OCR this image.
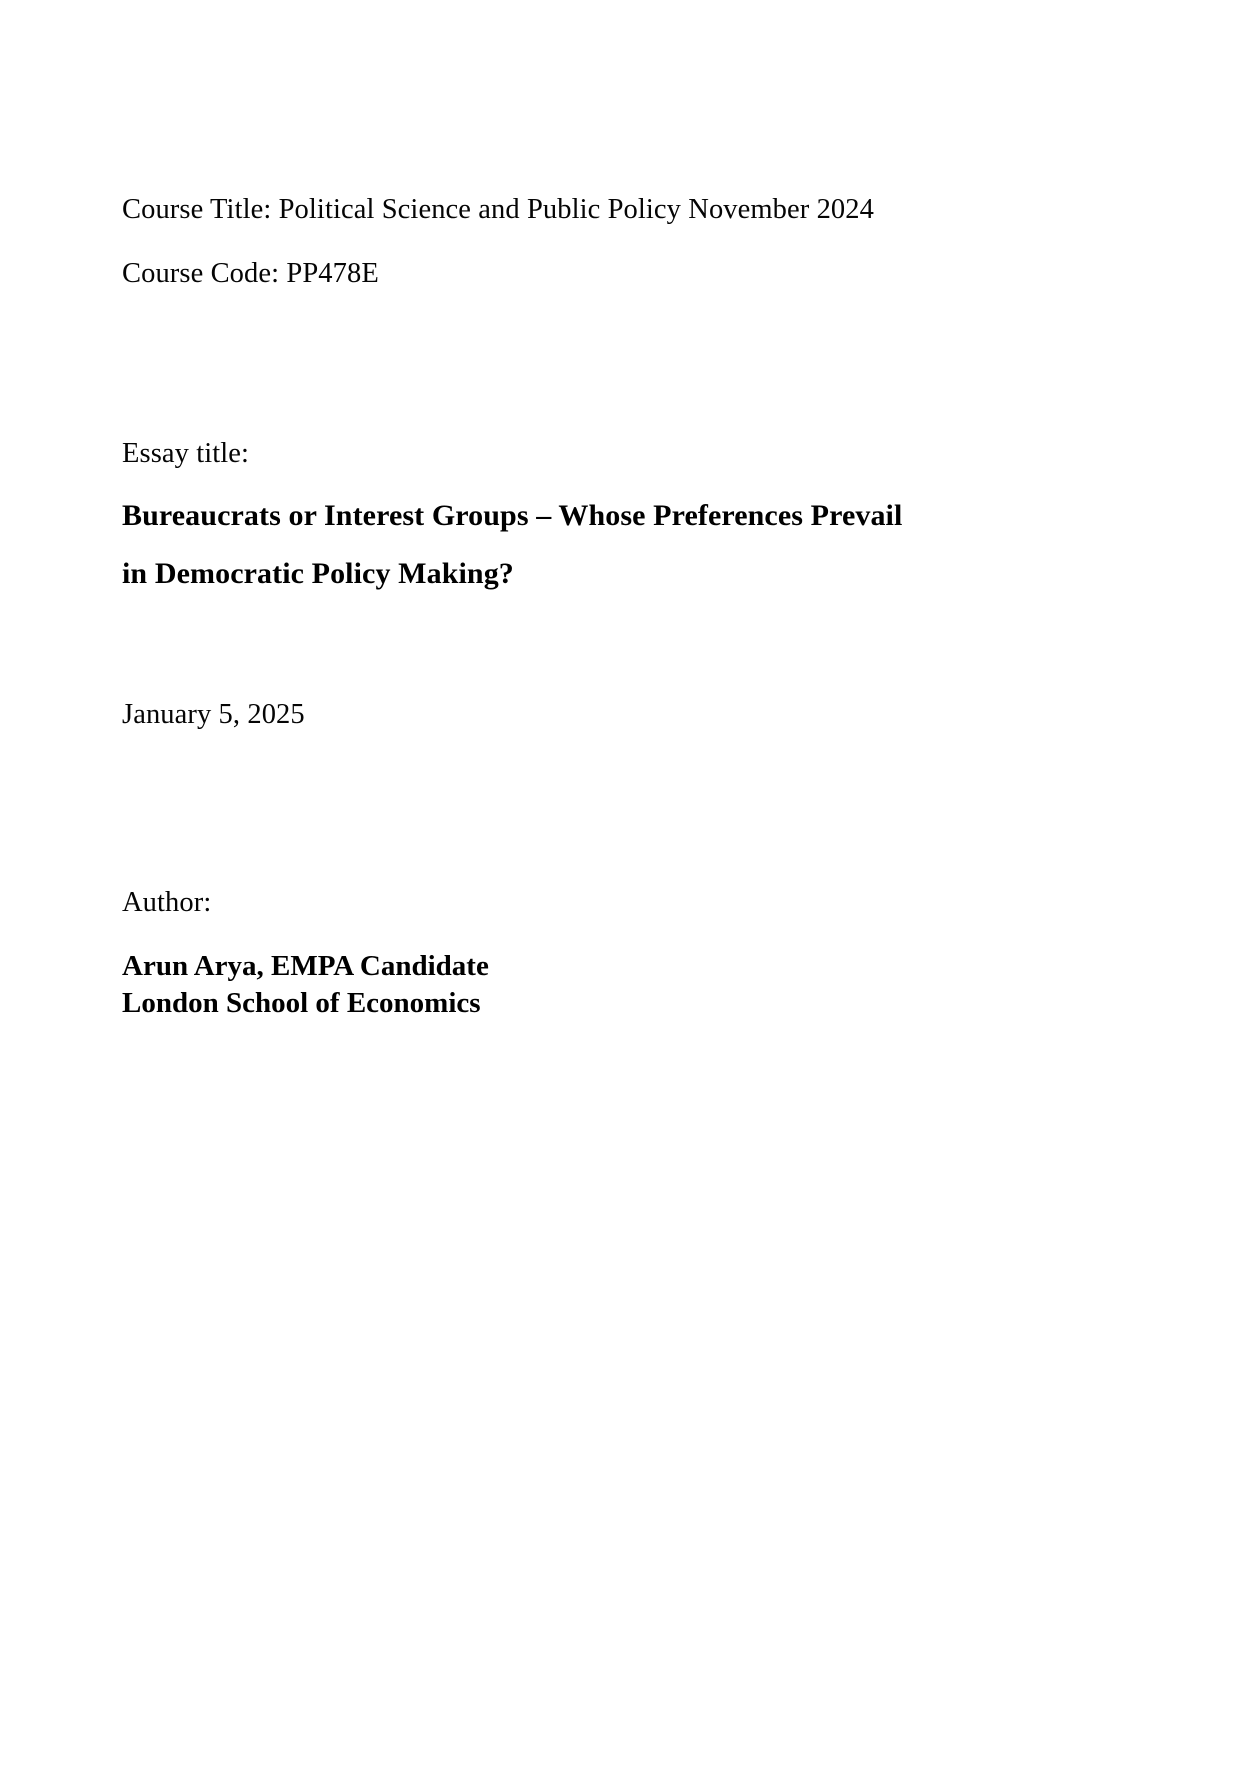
Course Title: Political Science and Public Policy November 2024
Course Code: PP478E
Essay title:
Bureaucrats or Interest Groups – Whose Preferences Prevail
in Democratic Policy Making?
January 5, 2025
Author:
Arun Arya, EMPA Candidate
London School of Economics
